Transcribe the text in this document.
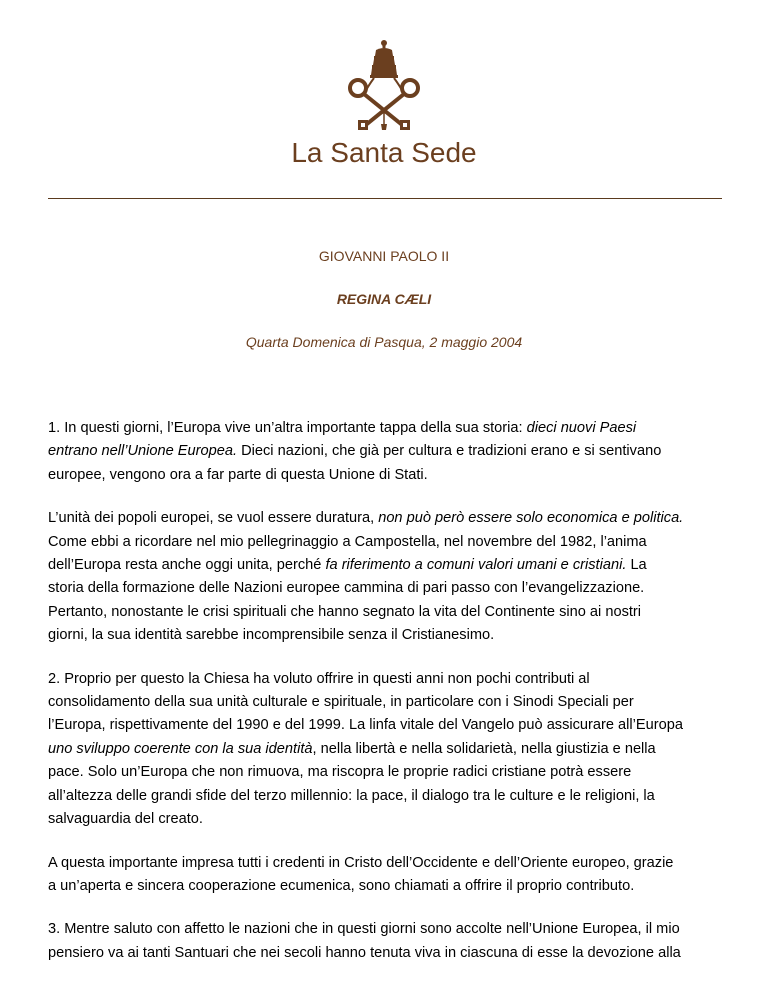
La Santa Sede
GIOVANNI PAOLO II
REGINA CÆLI
Quarta Domenica di Pasqua, 2 maggio 2004

1. In questi giorni, l’Europa vive un’altra importante tappa della sua storia: dieci nuovi Paesi
entrano nell’Unione Europea. Dieci nazioni, che già per cultura e tradizioni erano e si sentivano
europee, vengono ora a far parte di questa Unione di Stati.

L’unità dei popoli europei, se vuol essere duratura, non può però essere solo economica e politica.
Come ebbi a ricordare nel mio pellegrinaggio a Campostella, nel novembre del 1982, l’anima
dell’Europa resta anche oggi unita, perché fa riferimento a comuni valori umani e cristiani. La
storia della formazione delle Nazioni europee cammina di pari passo con l’evangelizzazione.
Pertanto, nonostante le crisi spirituali che hanno segnato la vita del Continente sino ai nostri
giorni, la sua identità sarebbe incomprensibile senza il Cristianesimo.

2. Proprio per questo la Chiesa ha voluto offrire in questi anni non pochi contributi al
consolidamento della sua unità culturale e spirituale, in particolare con i Sinodi Speciali per
l’Europa, rispettivamente del 1990 e del 1999. La linfa vitale del Vangelo può assicurare all’Europa
uno sviluppo coerente con la sua identità, nella libertà e nella solidarietà, nella giustizia e nella
pace. Solo un’Europa che non rimuova, ma riscopra le proprie radici cristiane potrà essere
all’altezza delle grandi sfide del terzo millennio: la pace, il dialogo tra le culture e le religioni, la
salvaguardia del creato.

A questa importante impresa tutti i credenti in Cristo dell’Occidente e dell’Oriente europeo, grazie
a un’aperta e sincera cooperazione ecumenica, sono chiamati a offrire il proprio contributo.

3. Mentre saluto con affetto le nazioni che in questi giorni sono accolte nell’Unione Europea, il mio
pensiero va ai tanti Santuari che nei secoli hanno tenuta viva in ciascuna di esse la devozione alla
